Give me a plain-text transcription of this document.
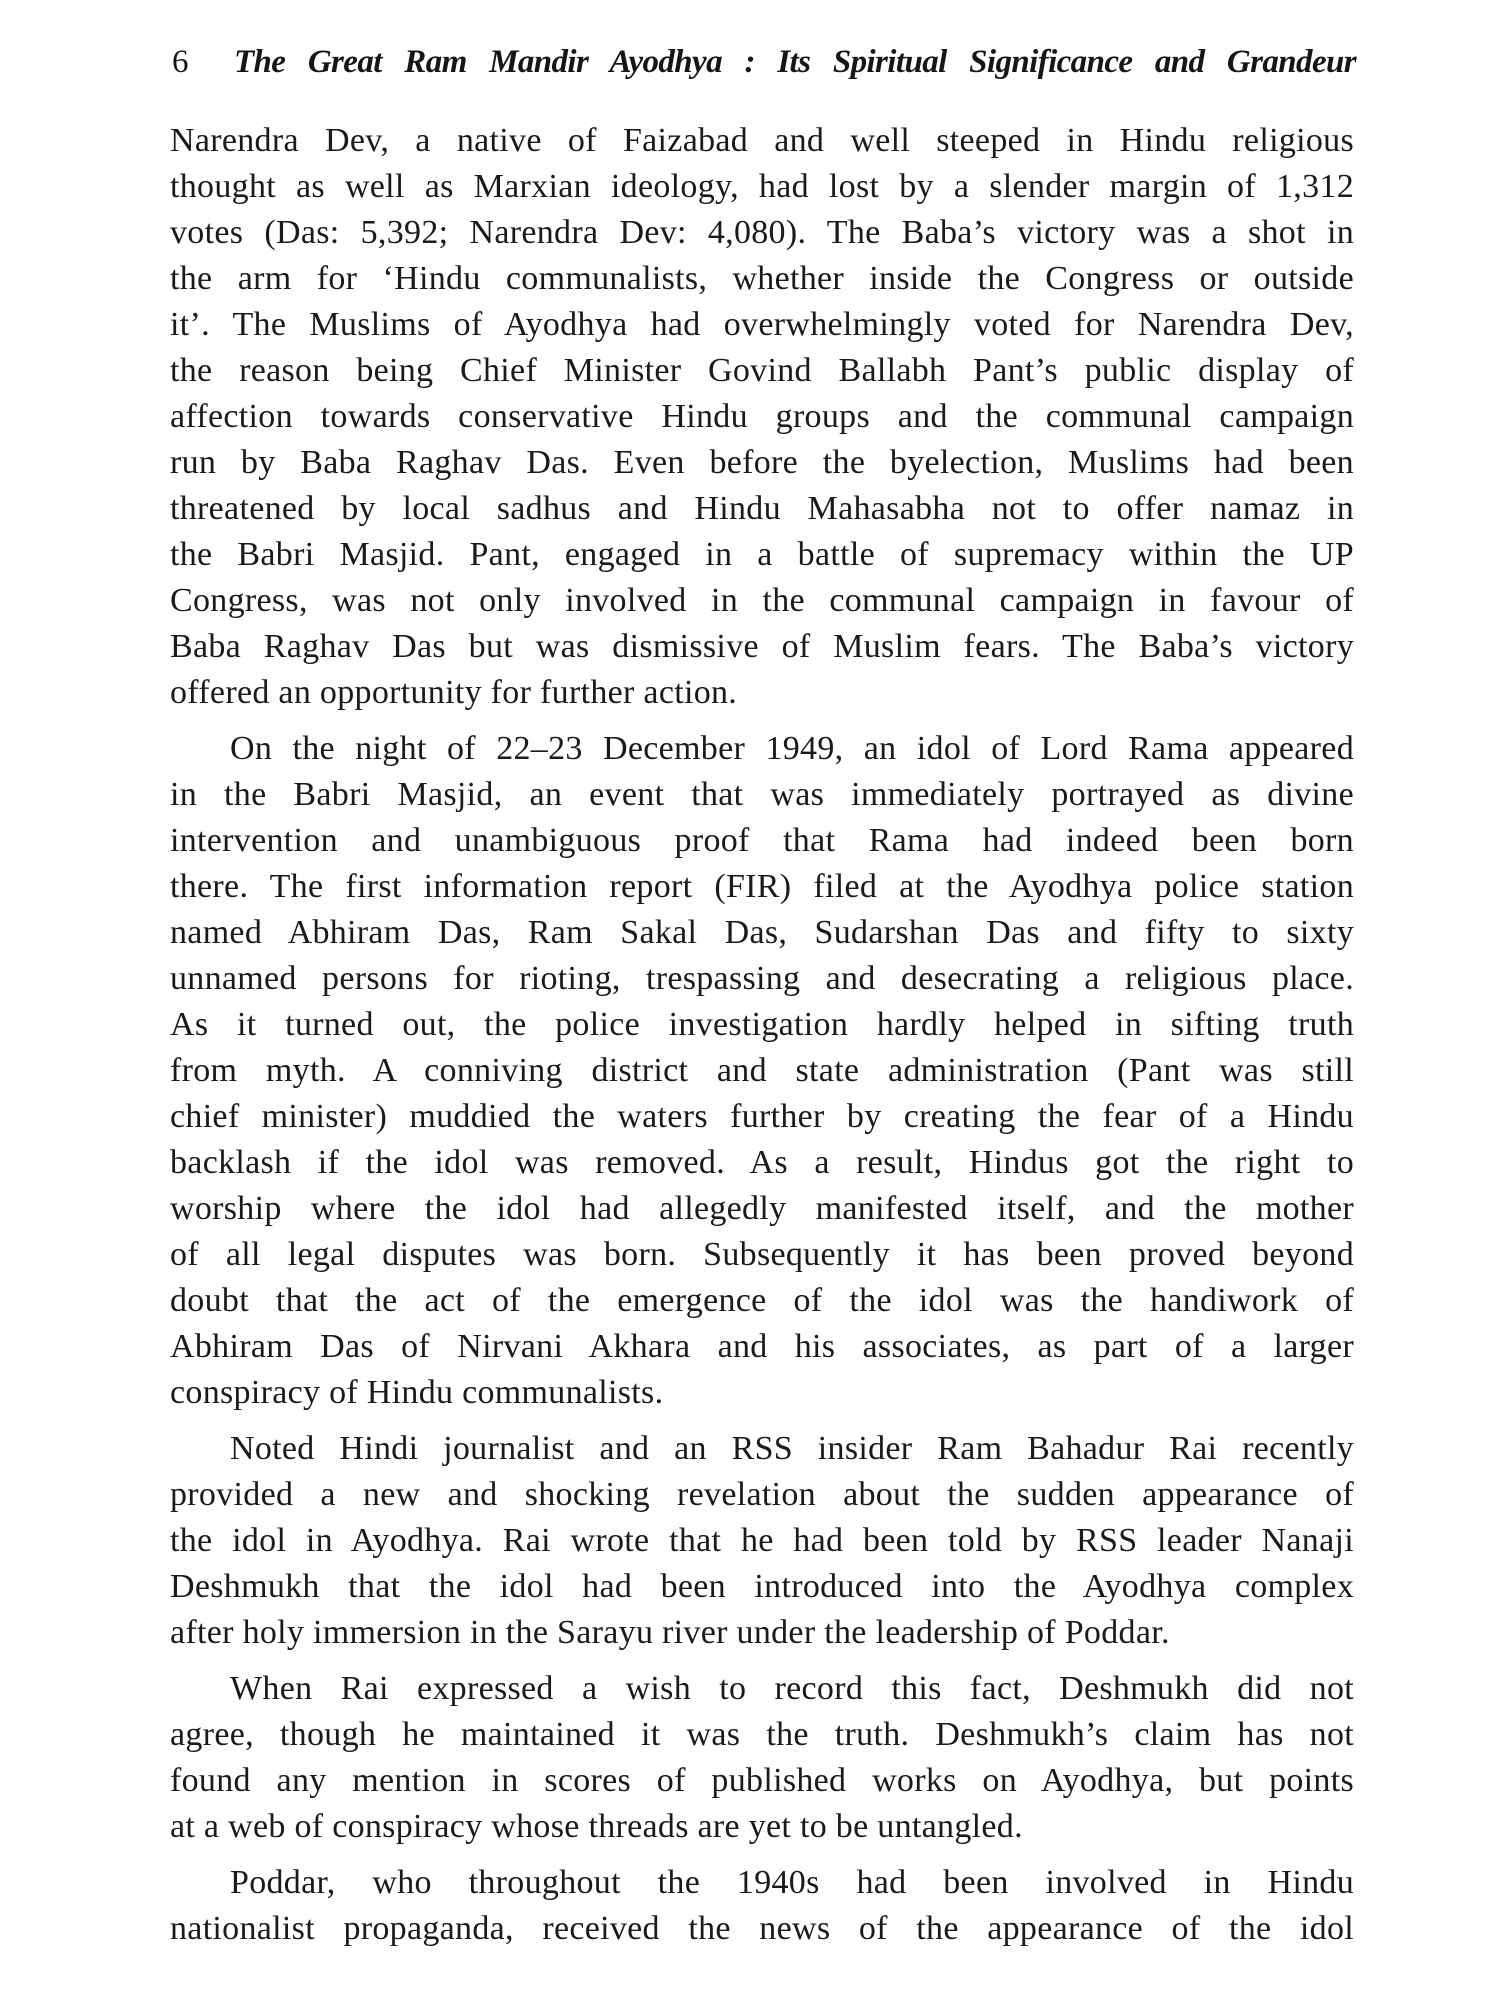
6 The Great Ram Mandir Ayodhya : Its Spiritual Significance and Grandeur
Narendra Dev, a native of Faizabad and well steeped in Hindu religious
thought as well as Marxian ideology, had lost by a slender margin of 1,312
votes (Das: 5,392; Narendra Dev: 4,080). The Baba’s victory was a shot in
the arm for ‘Hindu communalists, whether inside the Congress or outside
it’. The Muslims of Ayodhya had overwhelmingly voted for Narendra Dev,
the reason being Chief Minister Govind Ballabh Pant’s public display of
affection towards conservative Hindu groups and the communal campaign
run by Baba Raghav Das. Even before the byelection, Muslims had been
threatened by local sadhus and Hindu Mahasabha not to offer namaz in
the Babri Masjid. Pant, engaged in a battle of supremacy within the UP
Congress, was not only involved in the communal campaign in favour of
Baba Raghav Das but was dismissive of Muslim fears. The Baba’s victory
offered an opportunity for further action.
On the night of 22–23 December 1949, an idol of Lord Rama appeared
in the Babri Masjid, an event that was immediately portrayed as divine
intervention and unambiguous proof that Rama had indeed been born
there. The first information report (FIR) filed at the Ayodhya police station
named Abhiram Das, Ram Sakal Das, Sudarshan Das and fifty to sixty
unnamed persons for rioting, trespassing and desecrating a religious place.
As it turned out, the police investigation hardly helped in sifting truth
from myth. A conniving district and state administration (Pant was still
chief minister) muddied the waters further by creating the fear of a Hindu
backlash if the idol was removed. As a result, Hindus got the right to
worship where the idol had allegedly manifested itself, and the mother
of all legal disputes was born. Subsequently it has been proved beyond
doubt that the act of the emergence of the idol was the handiwork of
Abhiram Das of Nirvani Akhara and his associates, as part of a larger
conspiracy of Hindu communalists.
Noted Hindi journalist and an RSS insider Ram Bahadur Rai recently
provided a new and shocking revelation about the sudden appearance of
the idol in Ayodhya. Rai wrote that he had been told by RSS leader Nanaji
Deshmukh that the idol had been introduced into the Ayodhya complex
after holy immersion in the Sarayu river under the leadership of Poddar.
When Rai expressed a wish to record this fact, Deshmukh did not
agree, though he maintained it was the truth. Deshmukh’s claim has not
found any mention in scores of published works on Ayodhya, but points
at a web of conspiracy whose threads are yet to be untangled.
Poddar, who throughout the 1940s had been involved in Hindu
nationalist propaganda, received the news of the appearance of the idol
